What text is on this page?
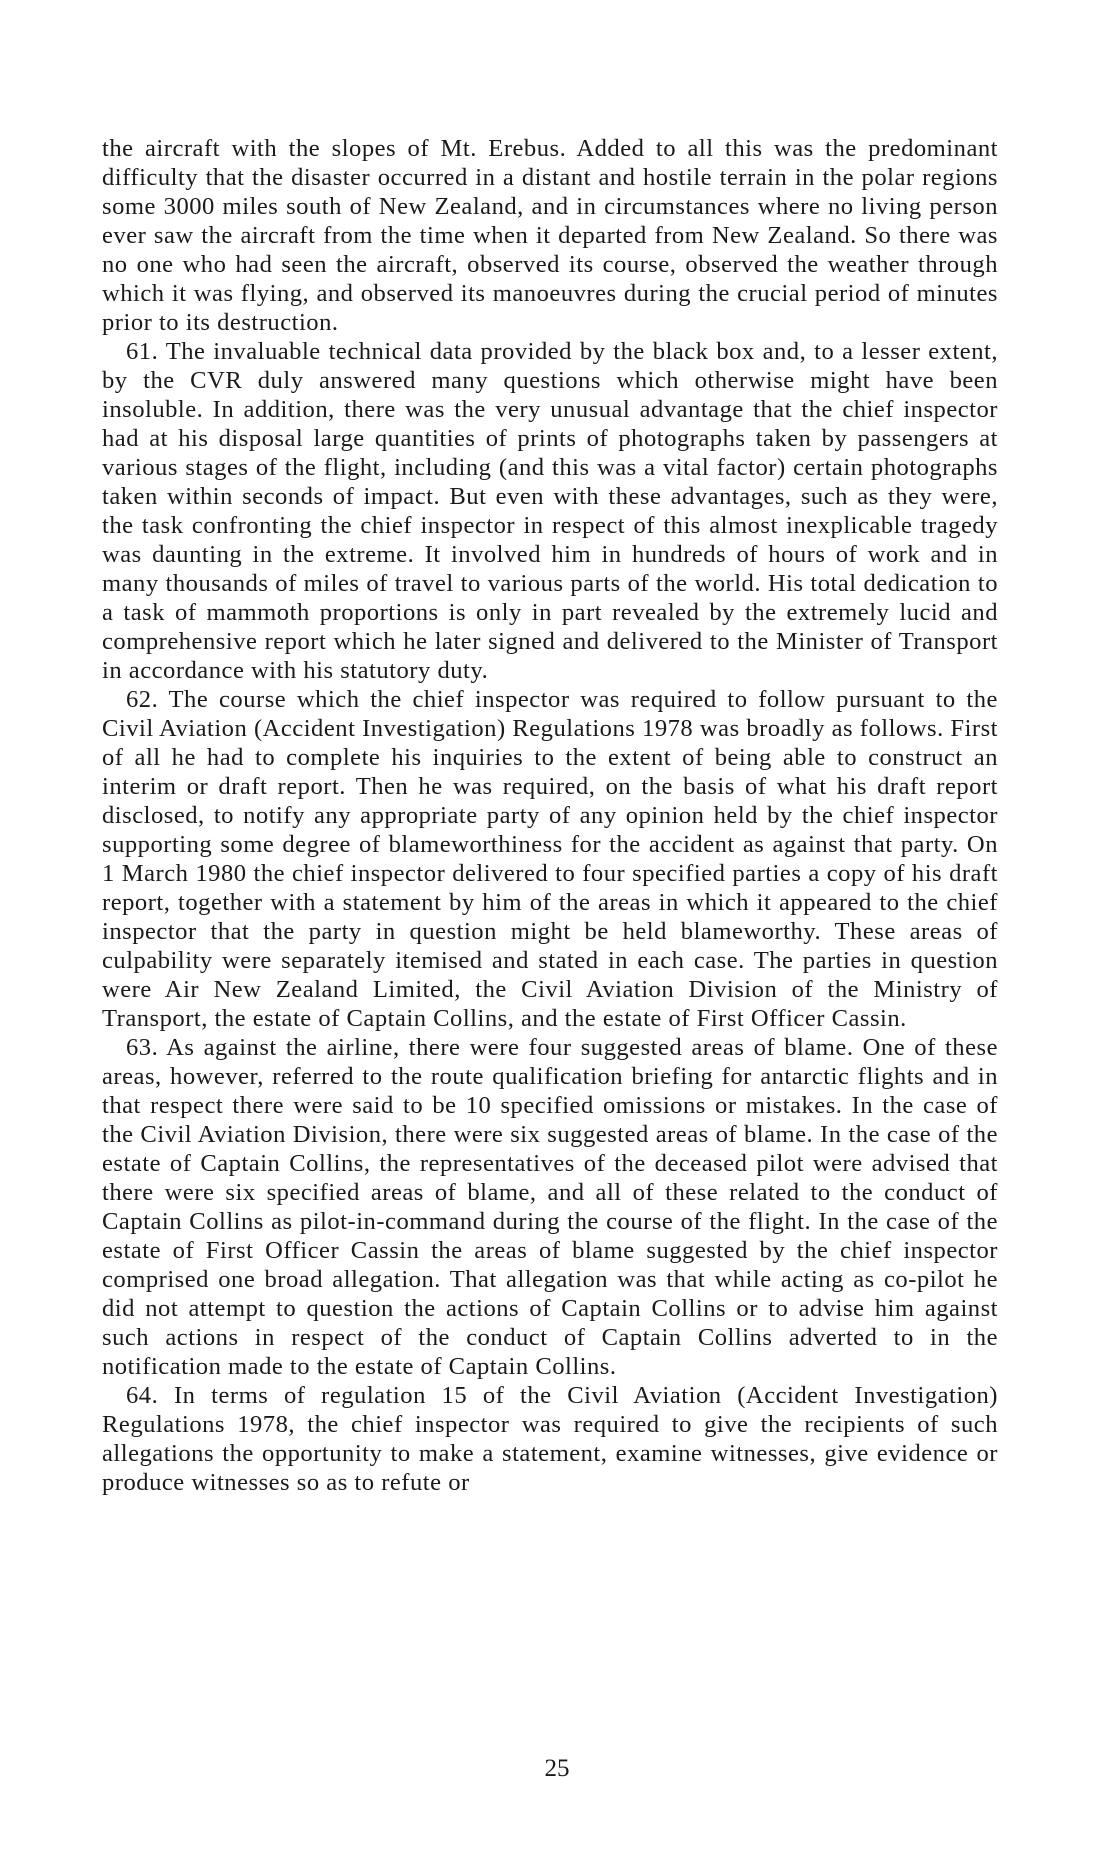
the aircraft with the slopes of Mt. Erebus. Added to all this was the predominant difficulty that the disaster occurred in a distant and hostile terrain in the polar regions some 3000 miles south of New Zealand, and in circumstances where no living person ever saw the aircraft from the time when it departed from New Zealand. So there was no one who had seen the aircraft, observed its course, observed the weather through which it was flying, and observed its manoeuvres during the crucial period of minutes prior to its destruction.

61. The invaluable technical data provided by the black box and, to a lesser extent, by the CVR duly answered many questions which otherwise might have been insoluble. In addition, there was the very unusual advantage that the chief inspector had at his disposal large quantities of prints of photographs taken by passengers at various stages of the flight, including (and this was a vital factor) certain photographs taken within seconds of impact. But even with these advantages, such as they were, the task confronting the chief inspector in respect of this almost inexplicable tragedy was daunting in the extreme. It involved him in hundreds of hours of work and in many thousands of miles of travel to various parts of the world. His total dedication to a task of mammoth proportions is only in part revealed by the extremely lucid and comprehensive report which he later signed and delivered to the Minister of Transport in accordance with his statutory duty.

62. The course which the chief inspector was required to follow pursuant to the Civil Aviation (Accident Investigation) Regulations 1978 was broadly as follows. First of all he had to complete his inquiries to the extent of being able to construct an interim or draft report. Then he was required, on the basis of what his draft report disclosed, to notify any appropriate party of any opinion held by the chief inspector supporting some degree of blameworthiness for the accident as against that party. On 1 March 1980 the chief inspector delivered to four specified parties a copy of his draft report, together with a statement by him of the areas in which it appeared to the chief inspector that the party in question might be held blameworthy. These areas of culpability were separately itemised and stated in each case. The parties in question were Air New Zealand Limited, the Civil Aviation Division of the Ministry of Transport, the estate of Captain Collins, and the estate of First Officer Cassin.

63. As against the airline, there were four suggested areas of blame. One of these areas, however, referred to the route qualification briefing for antarctic flights and in that respect there were said to be 10 specified omissions or mistakes. In the case of the Civil Aviation Division, there were six suggested areas of blame. In the case of the estate of Captain Collins, the representatives of the deceased pilot were advised that there were six specified areas of blame, and all of these related to the conduct of Captain Collins as pilot-in-command during the course of the flight. In the case of the estate of First Officer Cassin the areas of blame suggested by the chief inspector comprised one broad allegation. That allegation was that while acting as co-pilot he did not attempt to question the actions of Captain Collins or to advise him against such actions in respect of the conduct of Captain Collins adverted to in the notification made to the estate of Captain Collins.

64. In terms of regulation 15 of the Civil Aviation (Accident Investigation) Regulations 1978, the chief inspector was required to give the recipients of such allegations the opportunity to make a statement, examine witnesses, give evidence or produce witnesses so as to refute or

25
